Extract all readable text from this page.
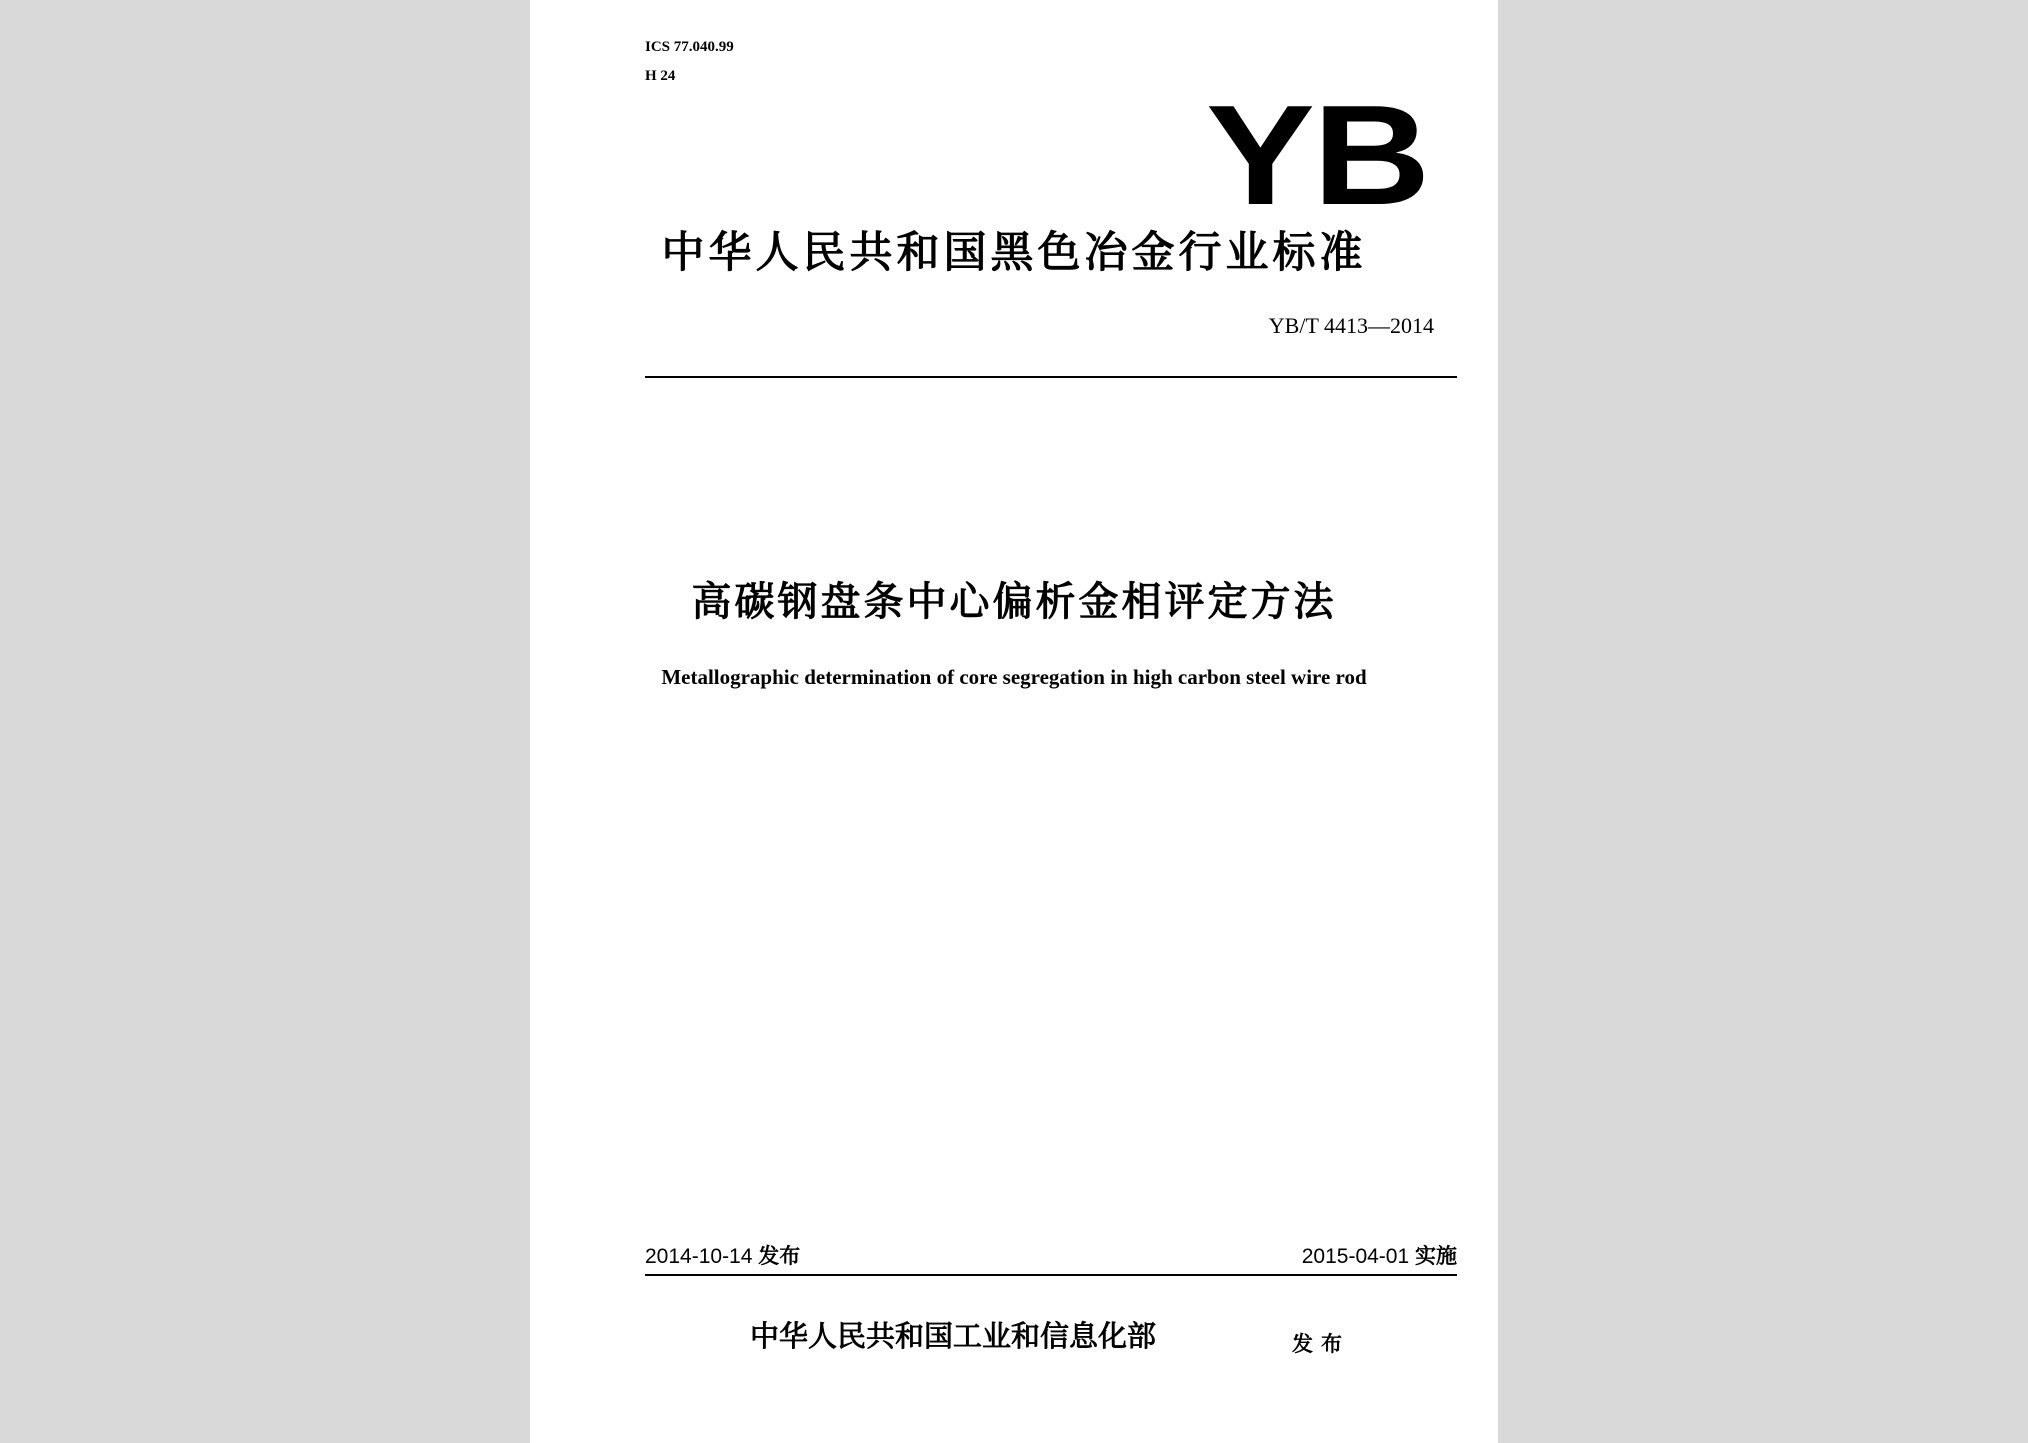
ICS 77.040.99
H 24	YB
中华人民共和国黑色冶金行业标准
YB/T 4413—2014
高碳钢盘条中心偏析金相评定方法
Metallographic determination of core segregation in high carbon steel wire rod
2014-10-14 发布	2015-04-01 实施
中华人民共和国工业和信息化部	发布
